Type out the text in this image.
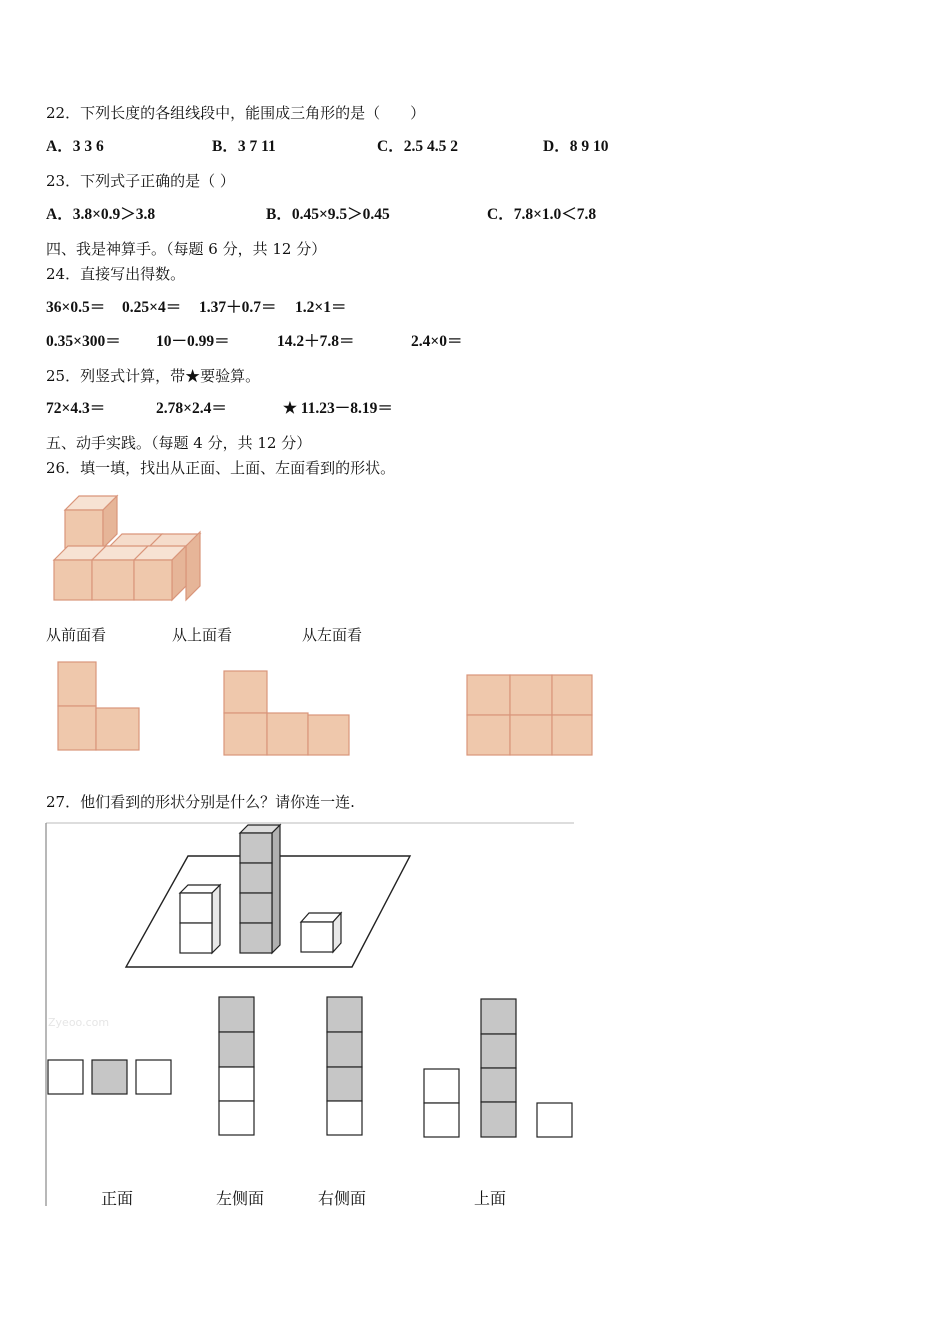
22．下列长度的各组线段中，能围成三角形的是（　　）
A．3 3 6	B．3 7 11	C．2.5 4.5 2	D．8 9 10
23．下列式子正确的是（ ）
A．3.8×0.9＞3.8	B．0.45×9.5＞0.45	C．7.8×1.0＜7.8
四、我是神算手。（每题 6 分，共 12 分）
24．直接写出得数。
36×0.5＝ 0.25×4＝ 1.37＋0.7＝ 1.2×1＝
0.35×300＝ 10－0.99＝	14.2＋7.8＝	2.4×0＝
25．列竖式计算，带★要验算。
72×4.3＝	2.78×2.4＝	★ 11.23－8.19＝
五、动手实践。（每题 4 分，共 12 分）
26．填一填，找出从正面、上面、左面看到的形状。
从前面看	从上面看	从左面看
27．他们看到的形状分别是什么？请你连一连.
Zyeoo.com
正面	左侧面	右侧面	上面
